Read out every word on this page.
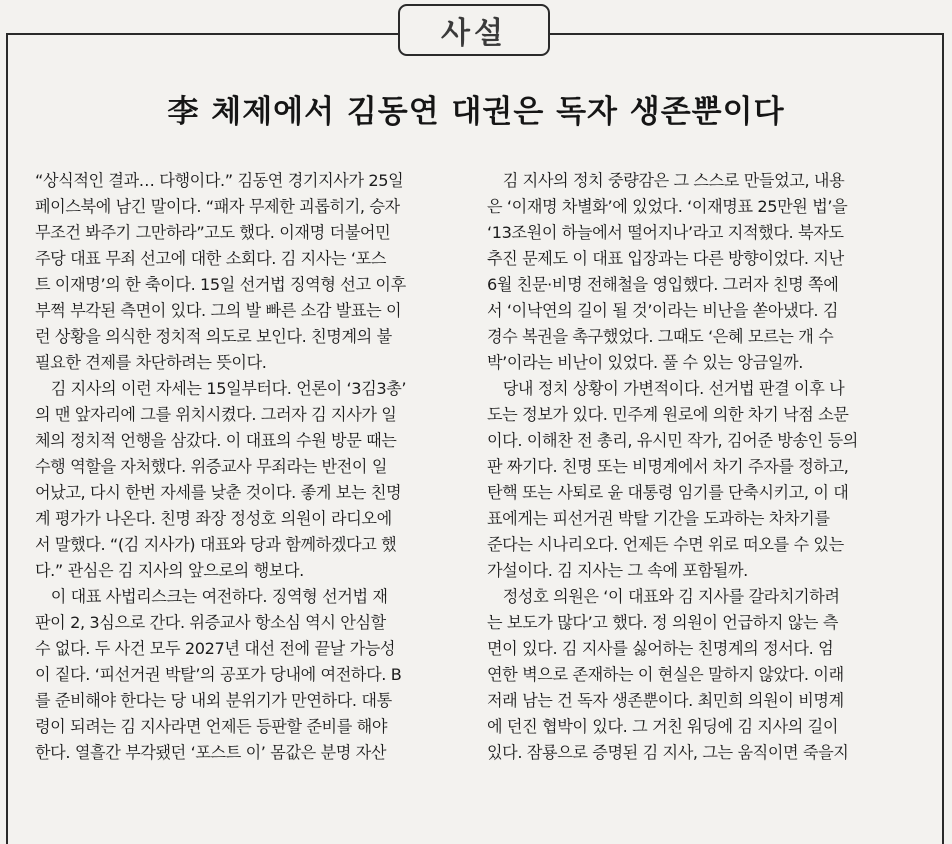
사설
李 체제에서 김동연 대권은 독자 생존뿐이다
“상식적인 결과… 다행이다.” 김동연 경기지사가 25일
페이스북에 남긴 말이다. “패자 무제한 괴롭히기, 승자
무조건 봐주기 그만하라”고도 했다. 이재명 더불어민
주당 대표 무죄 선고에 대한 소회다. 김 지사는 ‘포스
트 이재명’의 한 축이다. 15일 선거법 징역형 선고 이후
부쩍 부각된 측면이 있다. 그의 발 빠른 소감 발표는 이
런 상황을 의식한 정치적 의도로 보인다. 친명계의 불
필요한 견제를 차단하려는 뜻이다.
　김 지사의 이런 자세는 15일부터다. 언론이 ‘3김3총’
의 맨 앞자리에 그를 위치시켰다. 그러자 김 지사가 일
체의 정치적 언행을 삼갔다. 이 대표의 수원 방문 때는
수행 역할을 자처했다. 위증교사 무죄라는 반전이 일
어났고, 다시 한번 자세를 낮춘 것이다. 좋게 보는 친명
계 평가가 나온다. 친명 좌장 정성호 의원이 라디오에
서 말했다. “(김 지사가) 대표와 당과 함께하겠다고 했
다.” 관심은 김 지사의 앞으로의 행보다.
　이 대표 사법리스크는 여전하다. 징역형 선거법 재
판이 2, 3심으로 간다. 위증교사 항소심 역시 안심할
수 없다. 두 사건 모두 2027년 대선 전에 끝날 가능성
이 짙다. ‘피선거권 박탈’의 공포가 당내에 여전하다. B
를 준비해야 한다는 당 내외 분위기가 만연하다. 대통
령이 되려는 김 지사라면 언제든 등판할 준비를 해야
한다. 열흘간 부각됐던 ‘포스트 이’ 몸값은 분명 자산
　김 지사의 정치 중량감은 그 스스로 만들었고, 내용
은 ‘이재명 차별화’에 있었다. ‘이재명표 25만원 법’을
‘13조원이 하늘에서 떨어지나’라고 지적했다. 북자도
추진 문제도 이 대표 입장과는 다른 방향이었다. 지난
6월 친문·비명 전해철을 영입했다. 그러자 친명 쪽에
서 ‘이낙연의 길이 될 것’이라는 비난을 쏟아냈다. 김
경수 복권을 촉구했었다. 그때도 ‘은혜 모르는 개 수
박’이라는 비난이 있었다. 풀 수 있는 앙금일까.
　당내 정치 상황이 가변적이다. 선거법 판결 이후 나
도는 정보가 있다. 민주계 원로에 의한 차기 낙점 소문
이다. 이해찬 전 총리, 유시민 작가, 김어준 방송인 등의
판 짜기다. 친명 또는 비명계에서 차기 주자를 정하고,
탄핵 또는 사퇴로 윤 대통령 임기를 단축시키고, 이 대
표에게는 피선거권 박탈 기간을 도과하는 차차기를
준다는 시나리오다. 언제든 수면 위로 떠오를 수 있는
가설이다. 김 지사는 그 속에 포함될까.
　정성호 의원은 ‘이 대표와 김 지사를 갈라치기하려
는 보도가 많다’고 했다. 정 의원이 언급하지 않는 측
면이 있다. 김 지사를 싫어하는 친명계의 정서다. 엄
연한 벽으로 존재하는 이 현실은 말하지 않았다. 이래
저래 남는 건 독자 생존뿐이다. 최민희 의원이 비명계
에 던진 협박이 있다. 그 거친 워딩에 김 지사의 길이
있다. 잠룡으로 증명된 김 지사, 그는 움직이면 죽을지
